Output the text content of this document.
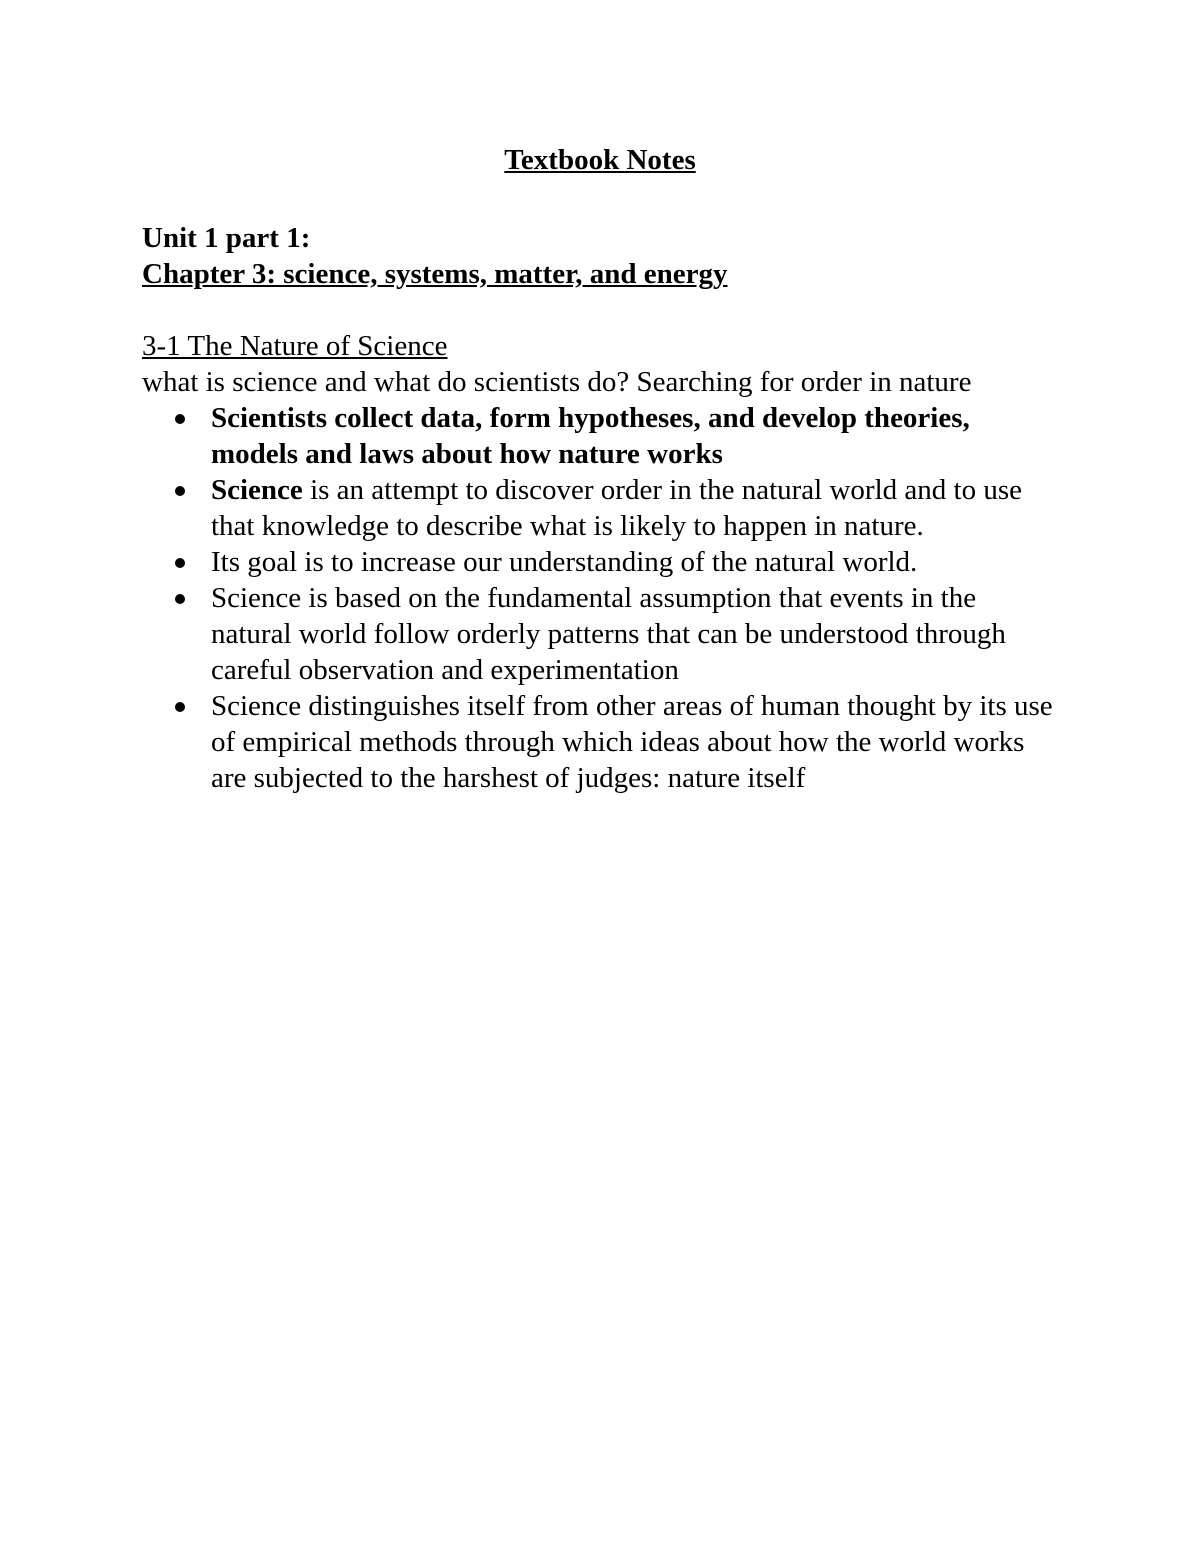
Textbook Notes
Unit 1 part 1:
Chapter 3: science, systems, matter, and energy
3-1 The Nature of Science
what is science and what do scientists do? Searching for order in nature
Scientists collect data, form hypotheses, and develop theories, models and laws about how nature works
Science is an attempt to discover order in the natural world and to use that knowledge to describe what is likely to happen in nature.
Its goal is to increase our understanding of the natural world.
Science is based on the fundamental assumption that events in the natural world follow orderly patterns that can be understood through careful observation and experimentation
Science distinguishes itself from other areas of human thought by its use of empirical methods through which ideas about how the world works are subjected to the harshest of judges: nature itself
